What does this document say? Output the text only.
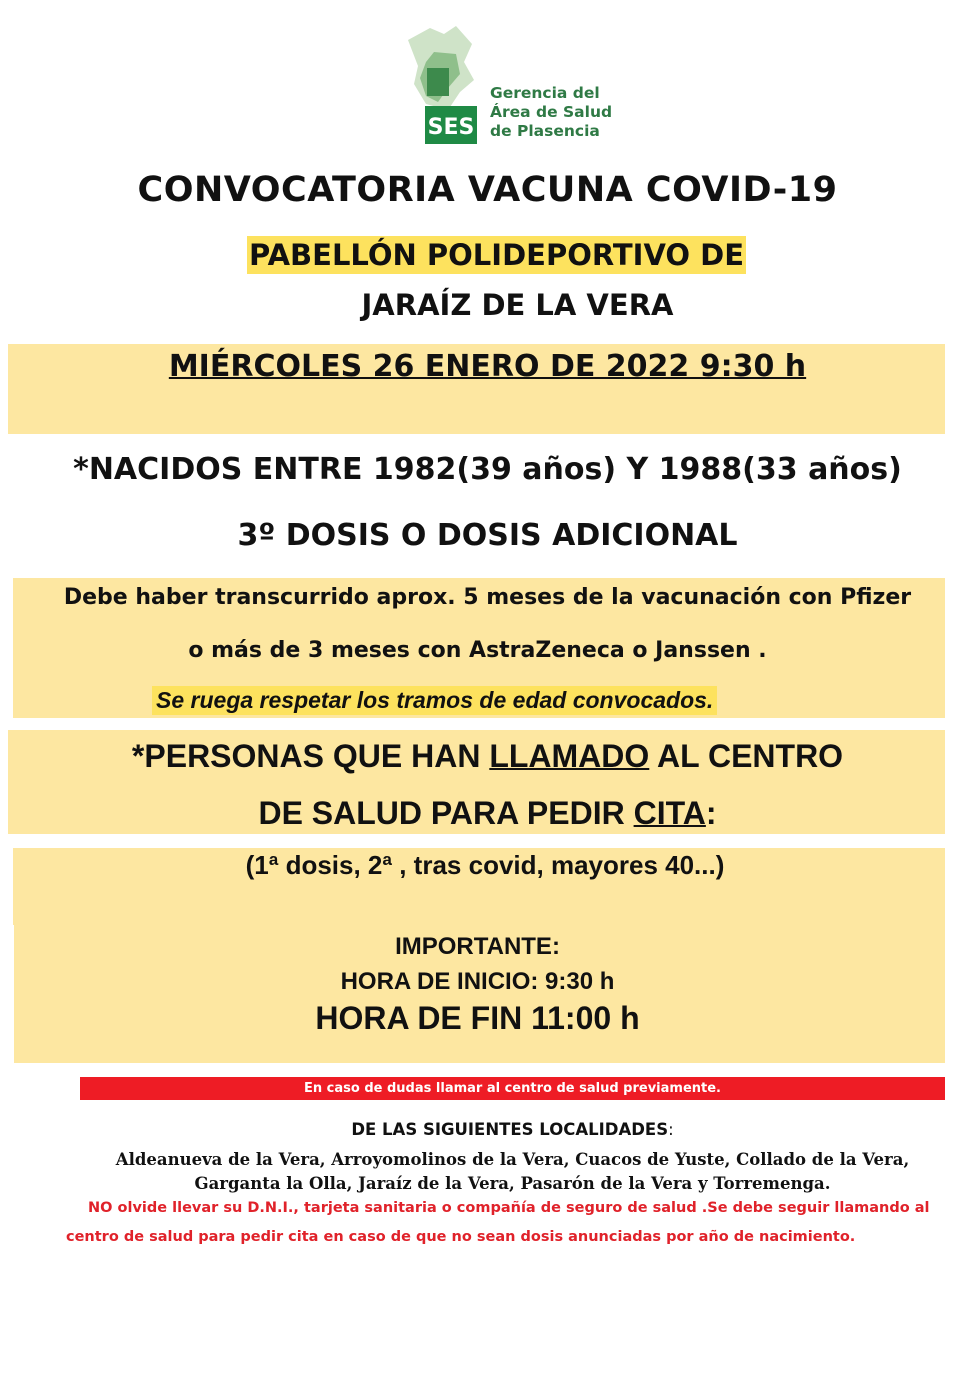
SES
Gerencia del
Área de Salud
de Plasencia
CONVOCATORIA VACUNA COVID-19
PABELLÓN POLIDEPORTIVO DE
JARAÍZ DE LA VERA
MIÉRCOLES 26 ENERO DE 2022 9:30 h
*NACIDOS ENTRE 1982(39 años) Y 1988(33 años)
3º DOSIS O DOSIS ADICIONAL
Debe haber transcurrido aprox. 5 meses de la vacunación con Pfizer
o más de 3 meses con AstraZeneca o Janssen .
Se ruega respetar los tramos de edad convocados.
*PERSONAS QUE HAN LLAMADO AL CENTRO
DE SALUD PARA PEDIR CITA:
(1ª dosis, 2ª , tras covid, mayores 40...)
IMPORTANTE:
HORA DE INICIO: 9:30 h
HORA DE FIN 11:00 h
En caso de dudas llamar al centro de salud previamente.
DE LAS SIGUIENTES LOCALIDADES:
Aldeanueva de la Vera, Arroyomolinos de la Vera, Cuacos de Yuste, Collado de la Vera,
Garganta la Olla, Jaraíz de la Vera, Pasarón de la Vera y Torremenga.
NO olvide llevar su D.N.I., tarjeta sanitaria o compañía de seguro de salud .Se debe seguir llamando al
centro de salud para pedir cita en caso de que no sean dosis anunciadas por año de nacimiento.
